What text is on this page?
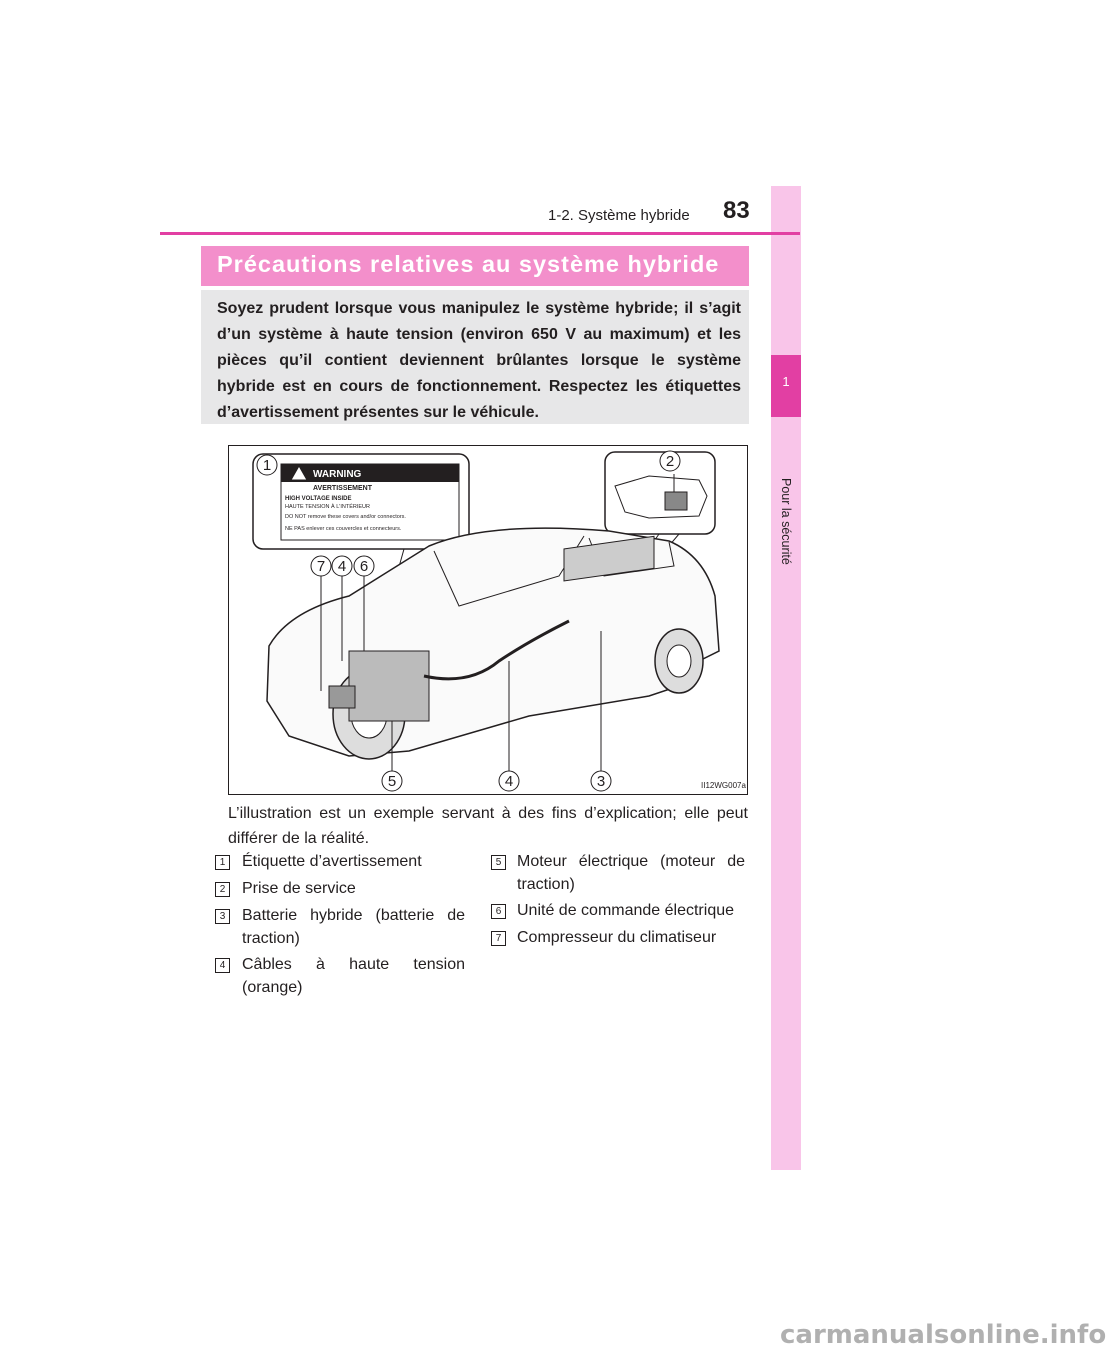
1
Pour la sécurité
1-2. Système hybride 83
Précautions relatives au système hybride
Soyez prudent lorsque vous manipulez le système hybride; il s’agit d’un système à haute tension (environ 650 V au maximum) et les pièces qu’il contient deviennent brûlantes lorsque le système hybride est en cours de fonctionnement. Respectez les étiquettes d’avertissement présentes sur le véhicule.
WARNING
AVERTISSEMENT
HIGH VOLTAGE INSIDE
HAUTE TENSION À L'INTÉRIEUR
DO NOT remove these covers and/or connectors.
NE PAS enlever ces couvercles et connecteurs.
1	2
3
4
4
5
6
7
II12WG007a
L’illustration est un exemple servant à des fins d’explication; elle peut différer de la réalité.
1 Étiquette d’avertissement
2 Prise de service
3 Batterie hybride (batterie de traction)
4 Câbles à haute tension (orange)
5 Moteur électrique (moteur de traction)
6 Unité de commande électrique
7 Compresseur du climatiseur
carmanualsonline.info
